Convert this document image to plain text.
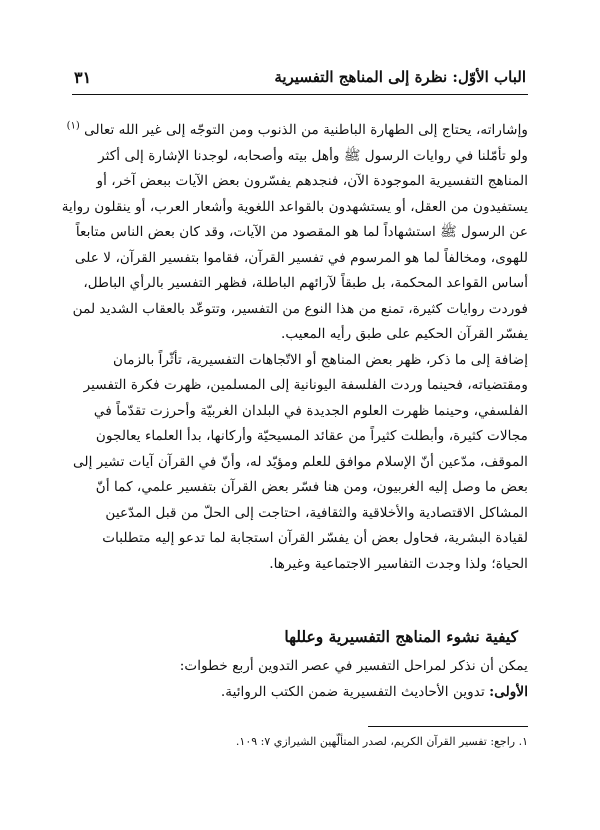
الباب الأوّل: نظرة إلى المناهج التفسيرية
٣١
وإشاراته، يحتاج إلى الطهارة الباطنية من الذنوب ومن التوجّه إلى غير الله تعالى $^{(١)}$
ولو تأمّلنا في روايات الرسول ﷺ وأهل بيته وأصحابه، لوجدنا الإشارة إلى أكثر
المناهج التفسيرية الموجودة الآن، فنجدهم يفسّرون بعض الآيات ببعض آخر، أو
يستفيدون من العقل، أو يستشهدون بالقواعد اللغوية وأشعار العرب، أو ينقلون رواية
عن الرسول ﷺ استشهاداً لما هو المقصود من الآيات، وقد كان بعض الناس متابعاً
للهوى، ومخالفاً لما هو المرسوم في تفسير القرآن، فقاموا بتفسير القرآن، لا على
أساس القواعد المحكمة، بل طبقاً لآرائهم الباطلة، فظهر التفسير بالرأي الباطل،
فوردت روايات كثيرة، تمنع من هذا النوع من التفسير، وتتوعّد بالعقاب الشديد لمن
يفسّر القرآن الحكيم على طبق رأيه المعيب.
إضافة إلى ما ذكر، ظهر بعض المناهج أو الاتّجاهات التفسيرية، تأثّراً بالزمان
ومقتضياته، فحينما وردت الفلسفة اليونانية إلى المسلمين، ظهرت فكرة التفسير
الفلسفي، وحينما ظهرت العلوم الجديدة في البلدان الغربيّة وأحرزت تقدّماً في
مجالات كثيرة، وأبطلت كثيراً من عقائد المسيحيّة وأركانها، بدأ العلماء يعالجون
الموقف، مدّعين أنّ الإسلام موافق للعلم ومؤيّد له، وأنّ في القرآن آيات تشير إلى
بعض ما وصل إليه الغربيون، ومن هنا فسّر بعض القرآن بتفسير علمي، كما أنّ
المشاكل الاقتصادية والأخلاقية والثقافية، احتاجت إلى الحلّ من قبل المدّعين
لقيادة البشرية، فحاول بعض أن يفسّر القرآن استجابة لما تدعو إليه متطلبات
الحياة؛ ولذا وجدت التفاسير الاجتماعية وغيرها.
كيفية نشوء المناهج التفسيرية وعللها
يمكن أن نذكر لمراحل التفسير في عصر التدوين أربع خطوات:
الأولى: تدوين الأحاديث التفسيرية ضمن الكتب الروائية.
١. راجع: تفسير القرآن الكريم، لصدر المتألّهين الشيرازي ٧: ١٠٩.
